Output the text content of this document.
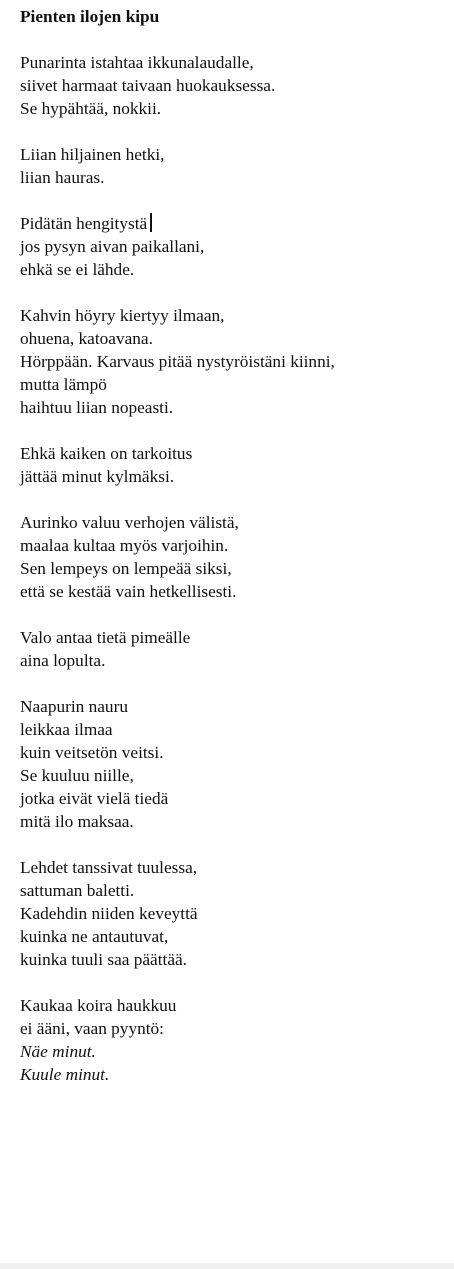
Pienten ilojen kipu
Punarinta istahtaa ikkunalaudalle,
siivet harmaat taivaan huokauksessa.
Se hypähtää, nokkii.
Liian hiljainen hetki,
liian hauras.
Pidätän hengitystä
jos pysyn aivan paikallani,
ehkä se ei lähde.
Kahvin höyry kiertyy ilmaan,
ohuena, katoavana.
Hörppään. Karvaus pitää nystyröistäni kiinni,
mutta lämpö
haihtuu liian nopeasti.
Ehkä kaiken on tarkoitus
jättää minut kylmäksi.
Aurinko valuu verhojen välistä,
maalaa kultaa myös varjoihin.
Sen lempeys on lempeää siksi,
että se kestää vain hetkellisesti.
Valo antaa tietä pimeälle
aina lopulta.
Naapurin nauru
leikkaa ilmaa
kuin veitsetön veitsi.
Se kuuluu niille,
jotka eivät vielä tiedä
mitä ilo maksaa.
Lehdet tanssivat tuulessa,
sattuman baletti.
Kadehdin niiden keveyttä
kuinka ne antautuvat,
kuinka tuuli saa päättää.
Kaukaa koira haukkuu
ei ääni, vaan pyyntö:
Näe minut.
Kuule minut.
